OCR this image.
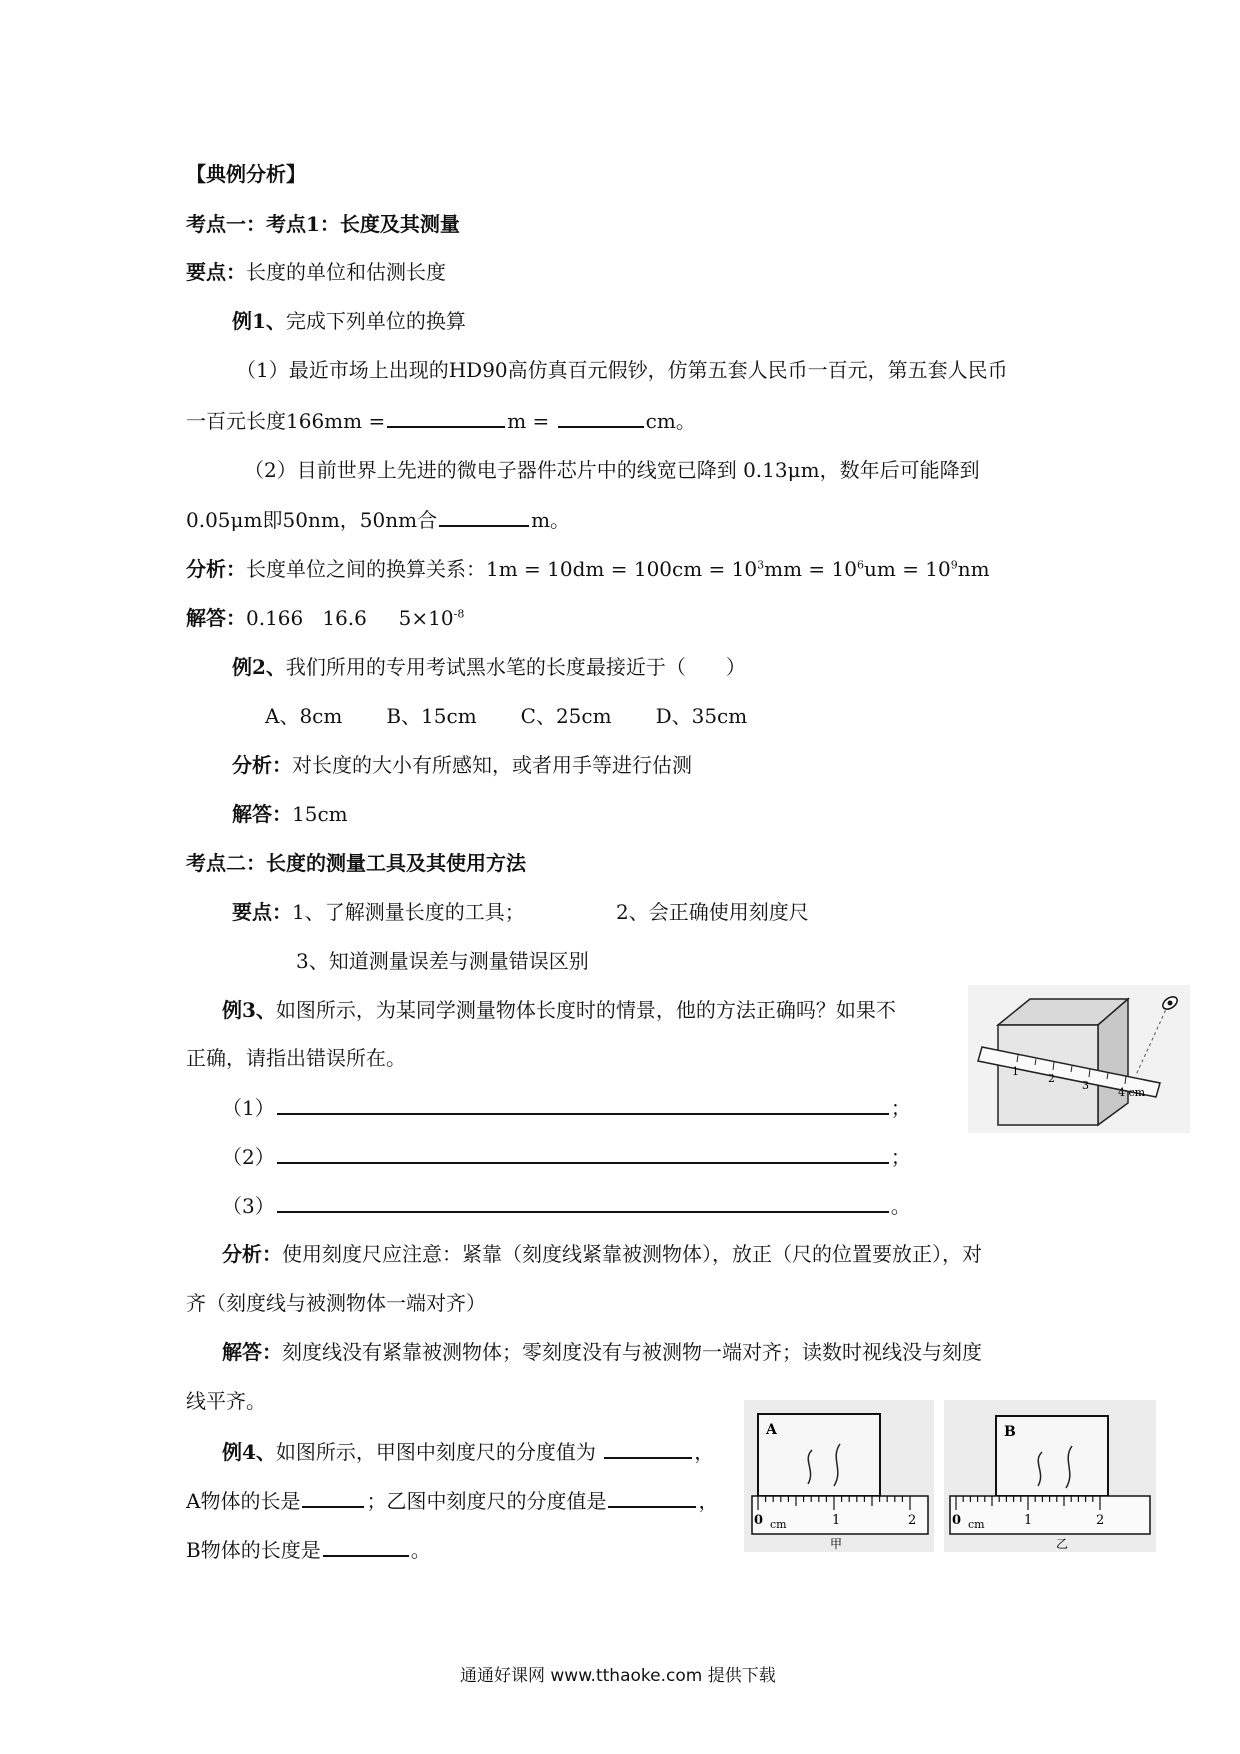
【典例分析】
考点一：考点1：长度及其测量
要点：长度的单位和估测长度
例1、完成下列单位的换算
（1）最近市场上出现的HD90高仿真百元假钞，仿第五套人民币一百元，第五套人民币
一百元长度166mm =	m =	cm。
（2）目前世界上先进的微电子器件芯片中的线宽已降到 0.13μm，数年后可能降到
0.05μm即50nm，50nm合	m。
分析：长度单位之间的换算关系：$1m = 10dm = 100cm = 10^3mm = 10^6um = 10^9nm$
解答：0.166 16.6 $5\times 10^{-8}$
例2、我们所用的专用考试黑水笔的长度最接近于（　　）
A、8cm B、15cm C、25cm D、35cm
分析：对长度的大小有所感知，或者用手等进行估测
解答：15cm
考点二：长度的测量工具及其使用方法
要点：1、了解测量长度的工具；	2、会正确使用刻度尺
3、知道测量误差与测量错误区别
例3、如图所示，为某同学测量物体长度时的情景，他的方法正确吗？如果不
正确，请指出错误所在。
（1）	；
（2）	；
（3）	。
1
2
3
4 cm
分析：使用刻度尺应注意：紧靠（刻度线紧靠被测物体），放正（尺的位置要放正），对
齐（刻度线与被测物体一端对齐）
解答：刻度线没有紧靠被测物体；零刻度没有与被测物一端对齐；读数时视线没与刻度
线平齐。
例4、如图所示，甲图中刻度尺的分度值为	，
A物体的长是	；乙图中刻度尺的分度值是	，
B物体的长度是	。
A
0 cm	1	2
甲
B
0 cm	1	2
乙
通通好课网 www.tthaoke.com 提供下载
